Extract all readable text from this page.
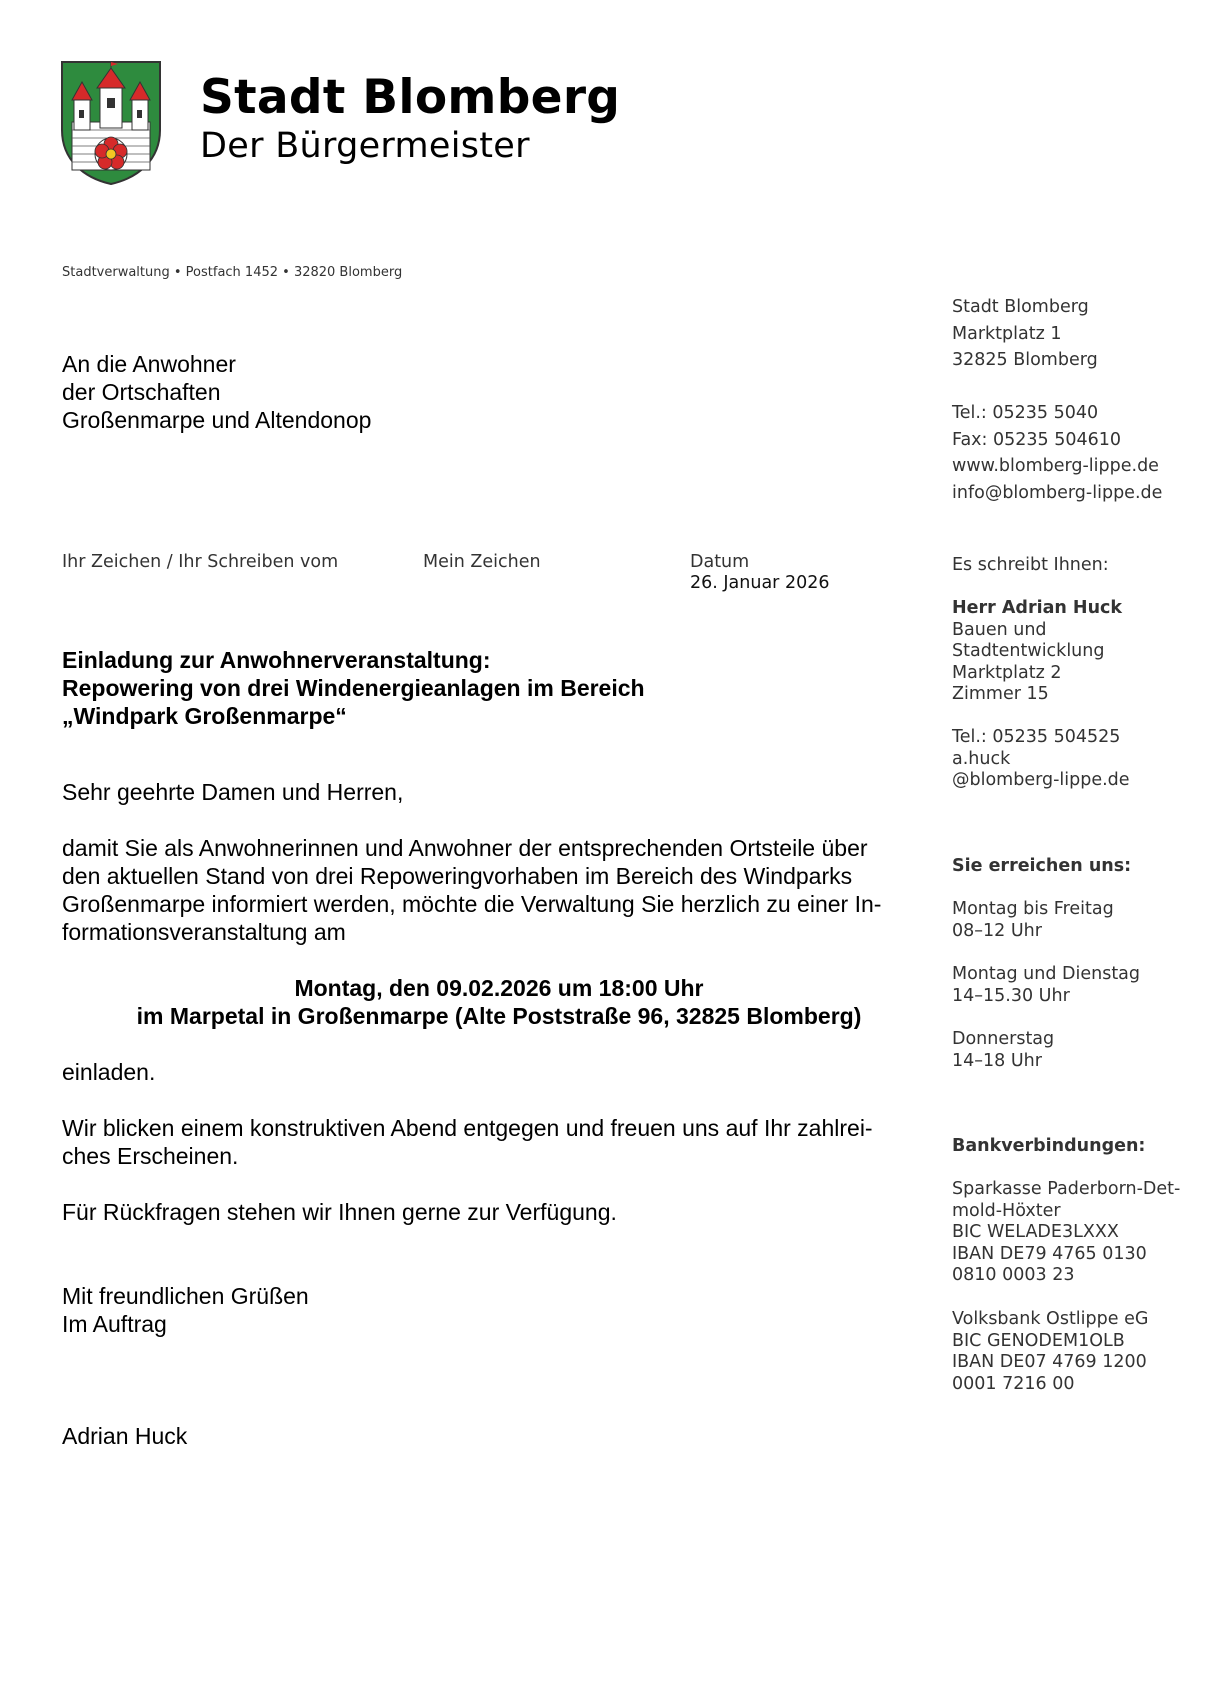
Stadt Blomberg
Der Bürgermeister
Stadtverwaltung • Postfach 1452 • 32820 Blomberg
An die Anwohner
der Ortschaften
Großenmarpe und Altendonop
Stadt Blomberg
Marktplatz 1
32825 Blomberg
Tel.: 05235 5040
Fax: 05235 504610
www.blomberg-lippe.de
info@blomberg-lippe.de
Ihr Zeichen / Ihr Schreiben vom	Mein Zeichen	Datum
26. Januar 2026
Es schreibt Ihnen:
Herr Adrian Huck
Bauen und
Stadtentwicklung
Marktplatz 2
Zimmer 15
Tel.: 05235 504525
a.huck
@blomberg-lippe.de
Sie erreichen uns:
Montag bis Freitag
08–12 Uhr
Montag und Dienstag
14–15.30 Uhr
Donnerstag
14–18 Uhr
Bankverbindungen:
Sparkasse Paderborn-Det-
mold-Höxter
BIC WELADE3LXXX
IBAN DE79 4765 0130
0810 0003 23
Volksbank Ostlippe eG
BIC GENODEM1OLB
IBAN DE07 4769 1200
0001 7216 00
Einladung zur Anwohnerveranstaltung:
Repowering von drei Windenergieanlagen im Bereich
„Windpark Großenmarpe“
Sehr geehrte Damen und Herren,
damit Sie als Anwohnerinnen und Anwohner der entsprechenden Ortsteile über
den aktuellen Stand von drei Repoweringvorhaben im Bereich des Windparks
Großenmarpe informiert werden, möchte die Verwaltung Sie herzlich zu einer In-
formationsveranstaltung am
Montag, den 09.02.2026 um 18:00 Uhr
im Marpetal in Großenmarpe (Alte Poststraße 96, 32825 Blomberg)
einladen.
Wir blicken einem konstruktiven Abend entgegen und freuen uns auf Ihr zahlrei-
ches Erscheinen.
Für Rückfragen stehen wir Ihnen gerne zur Verfügung.
Mit freundlichen Grüßen
Im Auftrag
Adrian Huck
